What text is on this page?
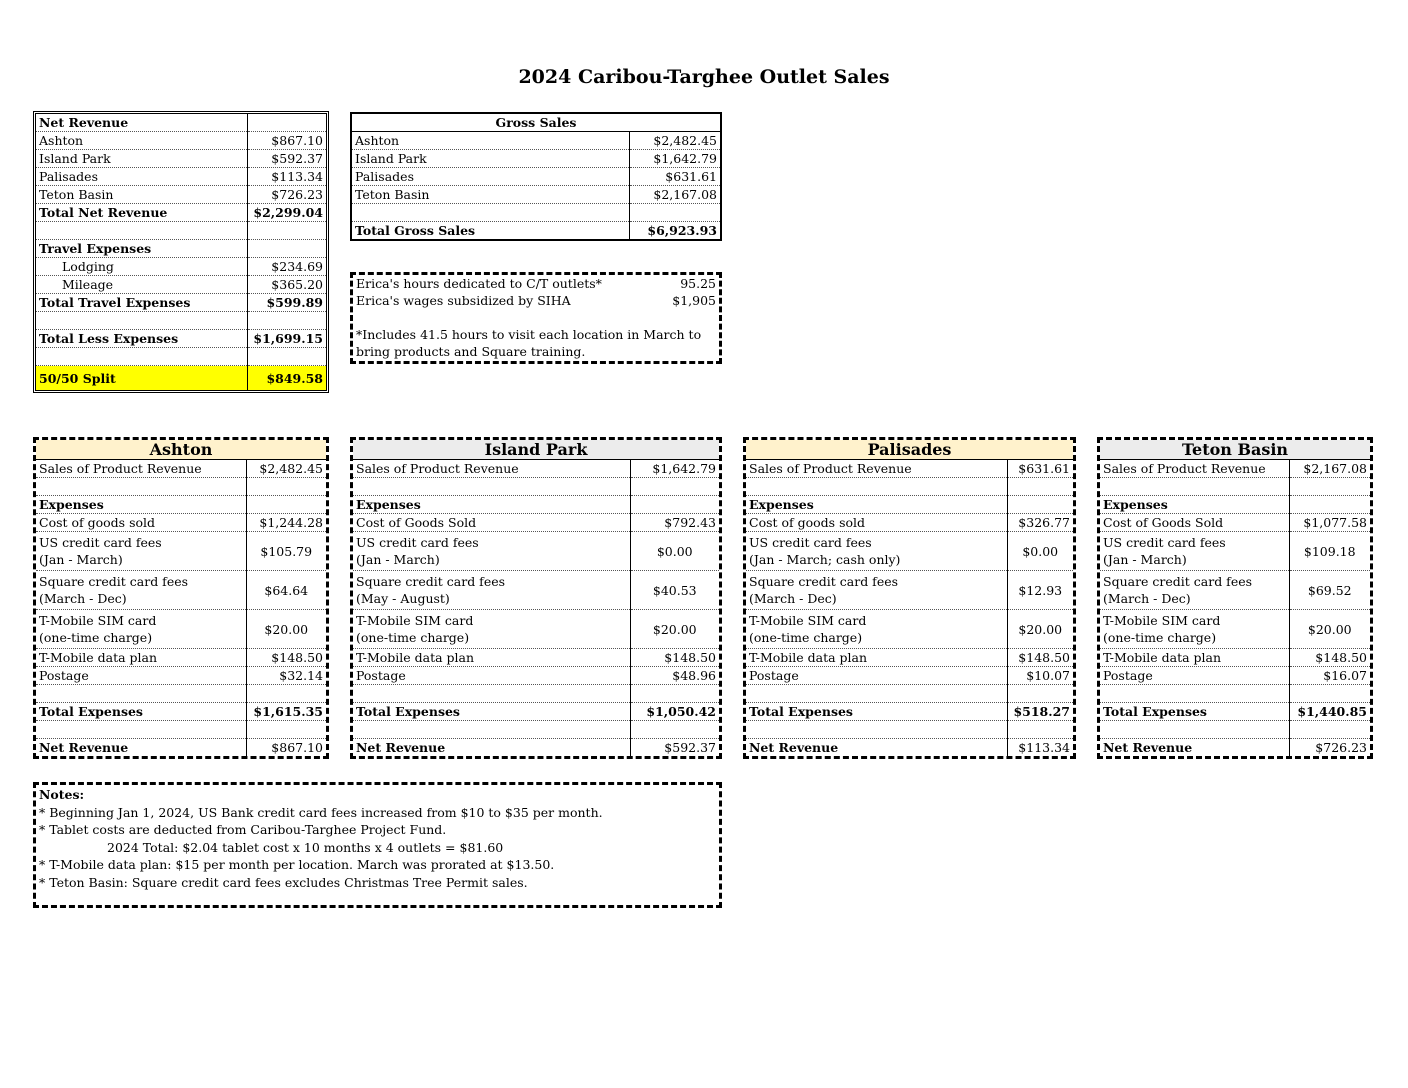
2024 Caribou-Targhee Outlet Sales
Net Revenue	
Ashton	$867.10
Island Park	$592.37
Palisades	$113.34
Teton Basin	$726.23
Total Net Revenue	$2,299.04

Travel Expenses	
Lodging	$234.69
Mileage	$365.20
Total Travel Expenses	$599.89

Total Less Expenses	$1,699.15

50/50 Split	$849.58
Gross Sales	
Ashton	$2,482.45
Island Park	$1,642.79
Palisades	$631.61
Teton Basin	$2,167.08

Total Gross Sales	$6,923.93
Erica's hours dedicated to C/T outlets*	95.25
Erica's wages subsidized by SIHA	$1,905

*Includes 41.5 hours to visit each location in March to	
bring products and Square training.	
Ashton	
Sales of Product Revenue	$2,482.45

Expenses	
Cost of goods sold	$1,244.28
US credit card fees
(Jan - March)	$105.79
Square credit card fees
(March - Dec)	$64.64
T-Mobile SIM card
(one-time charge)	$20.00
T-Mobile data plan	$148.50
Postage	$32.14

Total Expenses	$1,615.35

Net Revenue	$867.10
Island Park	
Sales of Product Revenue	$1,642.79

Expenses	
Cost of Goods Sold	$792.43
US credit card fees
(Jan - March)	$0.00
Square credit card fees
(May - August)	$40.53
T-Mobile SIM card
(one-time charge)	$20.00
T-Mobile data plan	$148.50
Postage	$48.96

Total Expenses	$1,050.42

Net Revenue	$592.37
Palisades	
Sales of Product Revenue	$631.61

Expenses	
Cost of goods sold	$326.77
US credit card fees
(Jan - March; cash only)	$0.00
Square credit card fees
(March - Dec)	$12.93
T-Mobile SIM card
(one-time charge)	$20.00
T-Mobile data plan	$148.50
Postage	$10.07

Total Expenses	$518.27

Net Revenue	$113.34
Teton Basin	
Sales of Product Revenue	$2,167.08

Expenses	
Cost of Goods Sold	$1,077.58
US credit card fees
(Jan - March)	$109.18
Square credit card fees
(March - Dec)	$69.52
T-Mobile SIM card
(one-time charge)	$20.00
T-Mobile data plan	$148.50
Postage	$16.07

Total Expenses	$1,440.85

Net Revenue	$726.23
Notes:
* Beginning Jan 1, 2024, US Bank credit card fees increased from $10 to $35 per month.
* Tablet costs are deducted from Caribou-Targhee Project Fund.
2024 Total: $2.04 tablet cost x 10 months x 4 outlets = $81.60
* T-Mobile data plan: $15 per month per location. March was prorated at $13.50.
* Teton Basin: Square credit card fees excludes Christmas Tree Permit sales.
